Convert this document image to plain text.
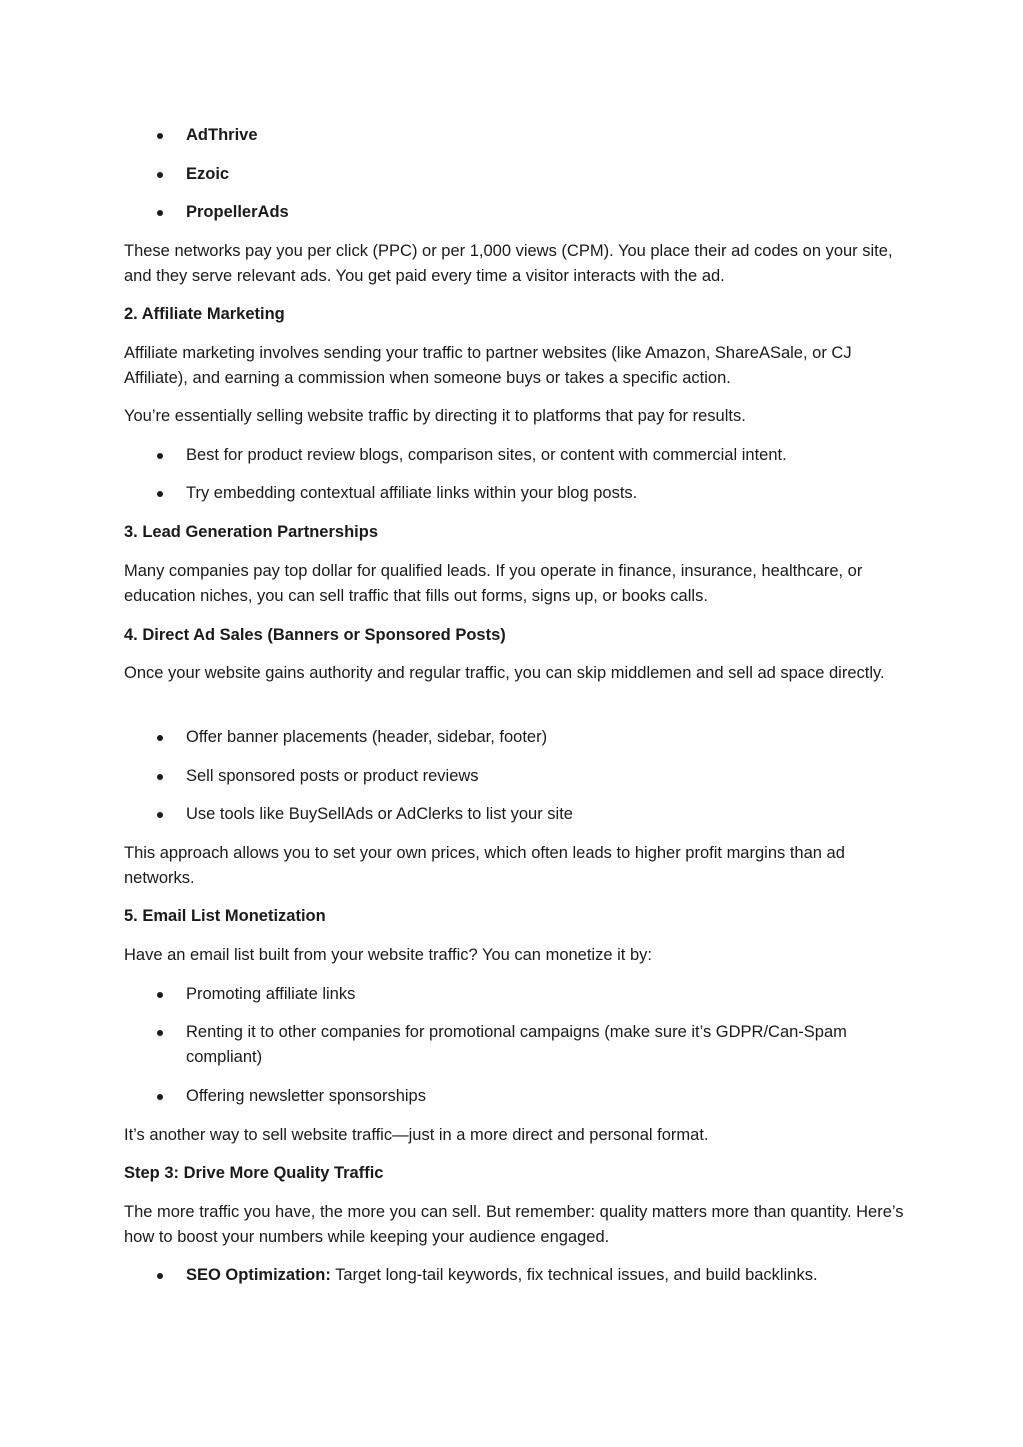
AdThrive
Ezoic
PropellerAds

These networks pay you per click (PPC) or per 1,000 views (CPM). You place their ad codes on your site, and they serve relevant ads. You get paid every time a visitor interacts with the ad.

2. Affiliate Marketing

Affiliate marketing involves sending your traffic to partner websites (like Amazon, ShareASale, or CJ Affiliate), and earning a commission when someone buys or takes a specific action.

You’re essentially selling website traffic by directing it to platforms that pay for results.

Best for product review blogs, comparison sites, or content with commercial intent.
Try embedding contextual affiliate links within your blog posts.

3. Lead Generation Partnerships

Many companies pay top dollar for qualified leads. If you operate in finance, insurance, healthcare, or education niches, you can sell traffic that fills out forms, signs up, or books calls.

4. Direct Ad Sales (Banners or Sponsored Posts)

Once your website gains authority and regular traffic, you can skip middlemen and sell ad space directly.

Offer banner placements (header, sidebar, footer)
Sell sponsored posts or product reviews
Use tools like BuySellAds or AdClerks to list your site

This approach allows you to set your own prices, which often leads to higher profit margins than ad networks.

5. Email List Monetization

Have an email list built from your website traffic? You can monetize it by:

Promoting affiliate links
Renting it to other companies for promotional campaigns (make sure it’s GDPR/Can-Spam compliant)
Offering newsletter sponsorships

It’s another way to sell website traffic—just in a more direct and personal format.

Step 3: Drive More Quality Traffic

The more traffic you have, the more you can sell. But remember: quality matters more than quantity. Here’s how to boost your numbers while keeping your audience engaged.

SEO Optimization: Target long-tail keywords, fix technical issues, and build backlinks.
